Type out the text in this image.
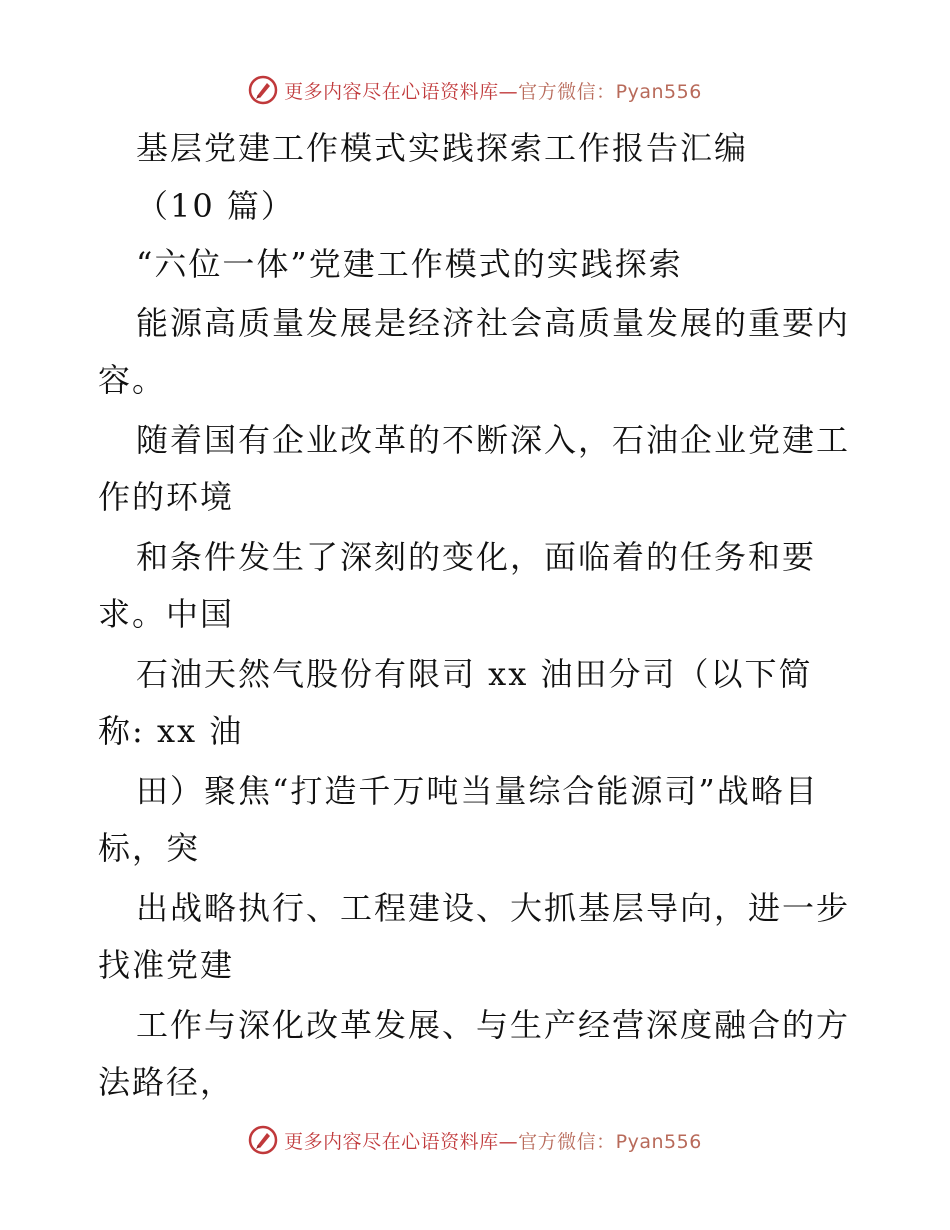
更多内容尽在心语资料库—官方微信：Pyan556
基层党建工作模式实践探索工作报告汇编
（10 篇）
“六位一体”党建工作模式的实践探索
能源高质量发展是经济社会高质量发展的重要内
容。
随着国有企业改革的不断深入，石油企业党建工
作的环境
和条件发生了深刻的变化，面临着的任务和要
求。中国
石油天然气股份有限司 xx 油田分司（以下简
称: xx 油
田）聚焦“打造千万吨当量综合能源司”战略目
标，突
出战略执行、工程建设、大抓基层导向，进一步
找准党建
工作与深化改革发展、与生产经营深度融合的方
法路径，
更多内容尽在心语资料库—官方微信：Pyan556
